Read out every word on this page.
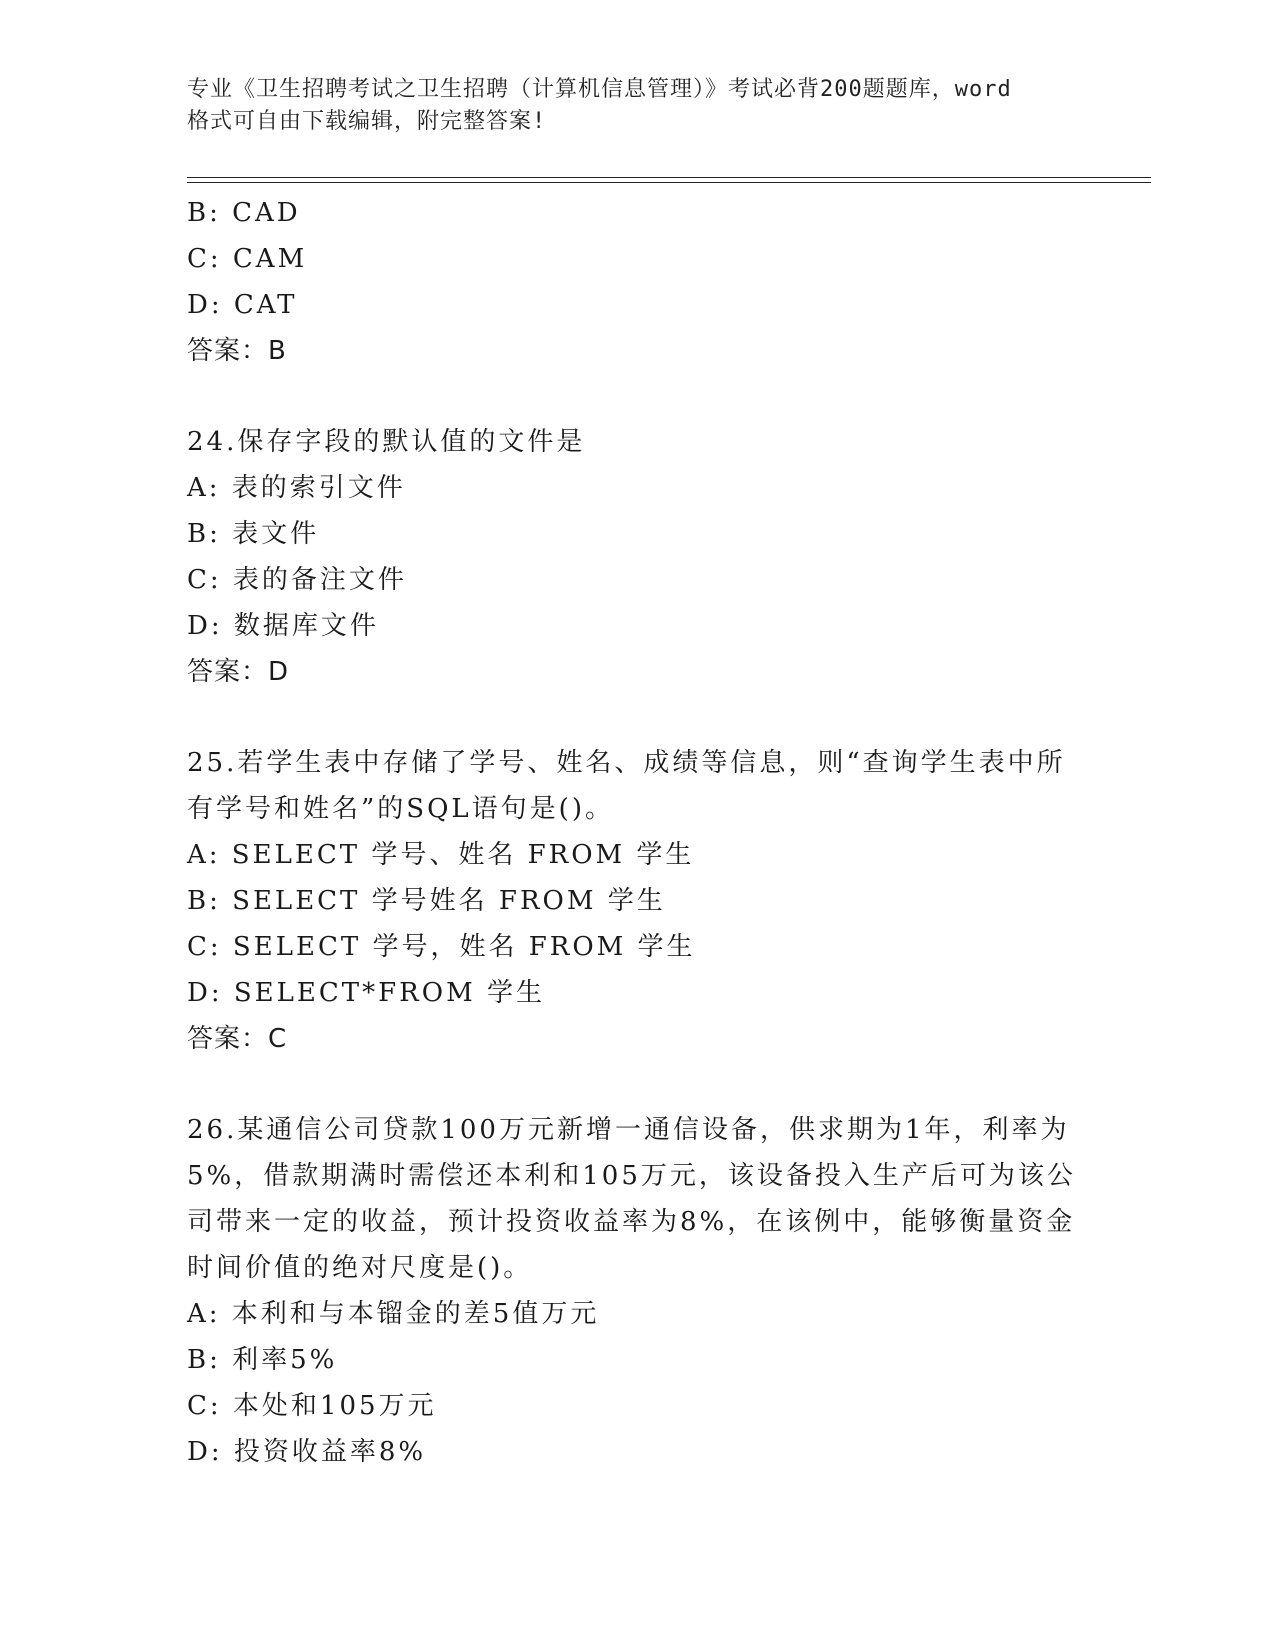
专业《卫生招聘考试之卫生招聘（计算机信息管理）》考试必背200题题库，word
格式可自由下载编辑，附完整答案!
B: CAD
C: CAM
D: CAT
答案：B
24.保存字段的默认值的文件是
A: 表的索引文件
B: 表文件
C: 表的备注文件
D: 数据库文件
答案：D
25.若学生表中存储了学号、姓名、成绩等信息，则“查询学生表中所
有学号和姓名”的SQL语句是()。
A: SELECT 学号、姓名 FROM 学生
B: SELECT 学号姓名 FROM 学生
C: SELECT 学号，姓名 FROM 学生
D: SELECT*FROM 学生
答案：C
26.某通信公司贷款100万元新增一通信设备，供求期为1年，利率为
5%，借款期满时需偿还本利和105万元，该设备投入生产后可为该公
司带来一定的收益，预计投资收益率为8%，在该例中，能够衡量资金
时间价值的绝对尺度是()。
A: 本利和与本镏金的差5值万元
B: 利率5%
C: 本处和105万元
D: 投资收益率8%
